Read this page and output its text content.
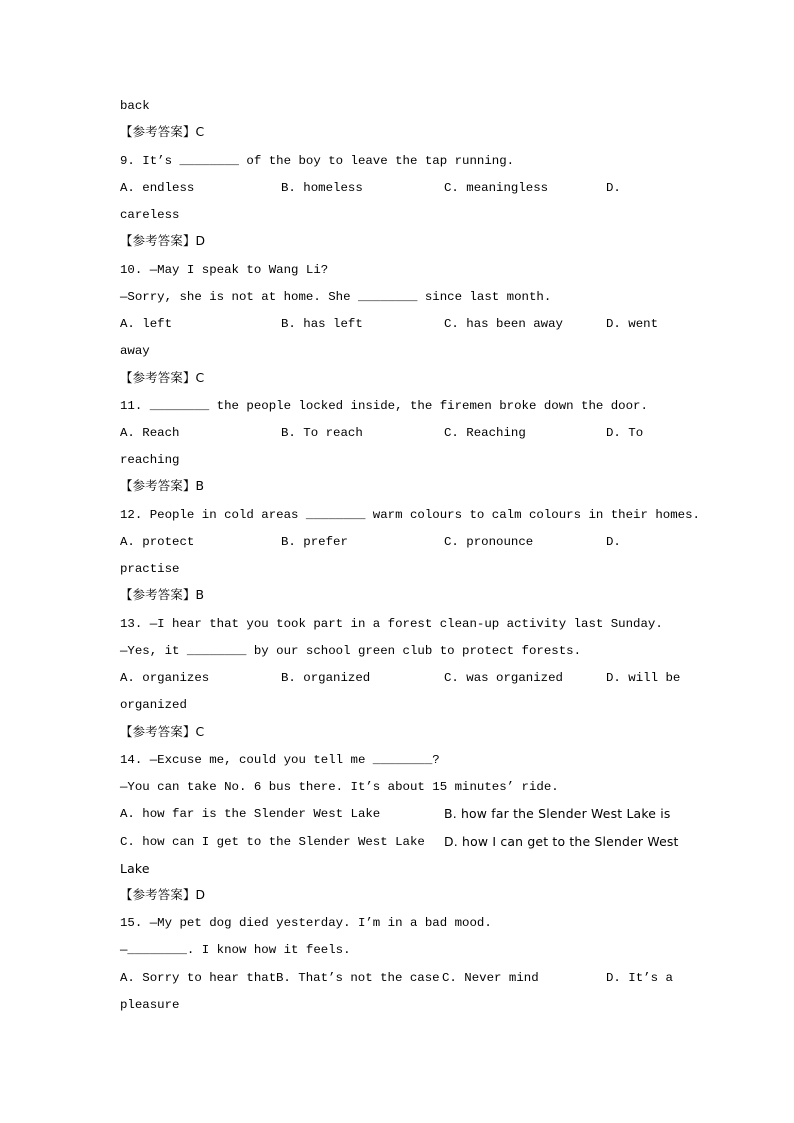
back
【参考答案】C
9. It’s ________ of the boy to leave the tap running.
A. endless	B. homeless	C. meaningless	D.
careless
【参考答案】D
10. —May I speak to Wang Li?
—Sorry, she is not at home. She ________ since last month.
A. left	B. has left	C. has been away	D. went
away
【参考答案】C
11. ________ the people locked inside, the firemen broke down the door.
A. Reach	B. To reach	C. Reaching	D. To
reaching
【参考答案】B
12. People in cold areas ________ warm colours to calm colours in their homes.
A. protect	B. prefer	C. pronounce	D.
practise
【参考答案】B
13. —I hear that you took part in a forest clean-up activity last Sunday.
—Yes, it ________ by our school green club to protect forests.
A. organizes	B. organized	C. was organized	D. will be
organized
【参考答案】C
14. —Excuse me, could you tell me ________?
—You can take No. 6 bus there. It’s about 15 minutes’ ride.
A. how far is the Slender West Lake	B. how far the Slender West Lake is
C. how can I get to the Slender West Lake D. how I can get to the Slender West
Lake
【参考答案】D
15. —My pet dog died yesterday. I’m in a bad mood.
—________. I know how it feels.
A. Sorry to hear that B. That’s not the case C. Never mind	D. It’s a
pleasure
